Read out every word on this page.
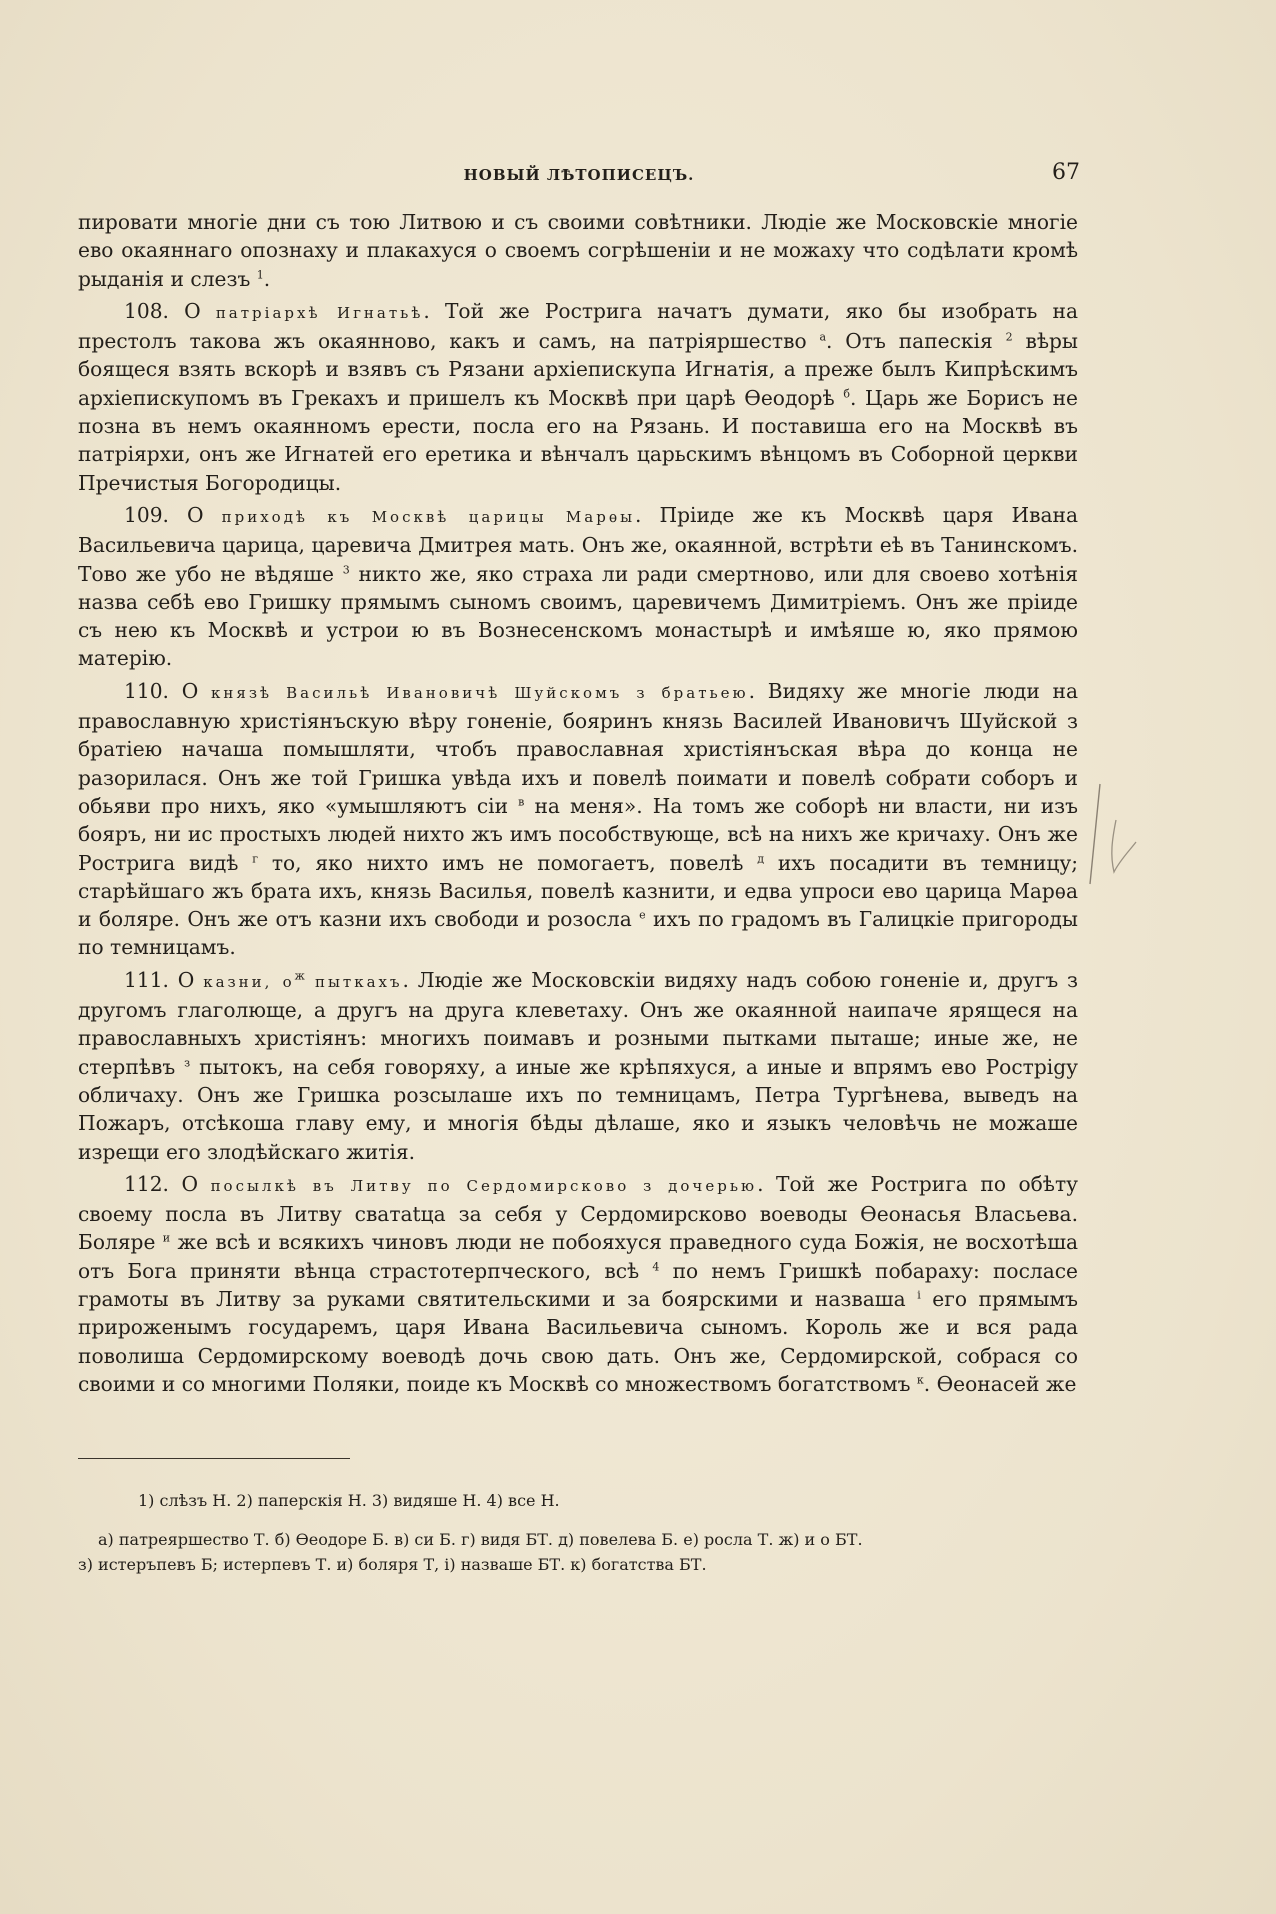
НОВЫЙ ЛѢТОПИСЕЦЪ.	67

пировати многіе дни съ тою Литвою и съ своими совѣтники. Людіе же Московскіе многіе ево окаяннаго опознаху и плакахуся о своемъ согрѣшеніи и не можаху что содѣлати кромѣ рыданія и слезъ $^1$.

108. О патріархѣ Игнатьѣ. Той же Рострига начатъ думати, яко бы изобрать на престолъ такова жъ окаянново, какъ и самъ, на патріяршество $^а$. Отъ папескія $^2$ вѣры боящеся взять вскорѣ и взявъ съ Рязани архіепискупа Игнатія, а преже былъ Кипрѣскимъ архіепискупомъ въ Грекахъ и пришелъ къ Москвѣ при царѣ Ѳеодорѣ $^б$. Царь же Борисъ не позна въ немъ окаянномъ ерести, посла его на Рязань. И поставиша его на Москвѣ въ патріярхи, онъ же Игнатей его еретика и вѣнчалъ царьскимъ вѣнцомъ въ Соборной церкви Пречистыя Богородицы.

109. О приходѣ къ Москвѣ царицы Марѳы. Пріиде же къ Москвѣ царя Ивана Васильевича царица, царевича Дмитрея мать. Онъ же, окаянной, встрѣти еѣ въ Танинскомъ. Тово же убо не вѣдяше $^3$ никто же, яко страха ли ради смертново, или для своево хотѣнія назва себѣ ево Гришку прямымъ сыномъ своимъ, царевичемъ Димитріемъ. Онъ же пріиде съ нею къ Москвѣ и устрои ю въ Вознесенскомъ монастырѣ и имѣяше ю, яко прямою матерію.

110. О князѣ Васильѣ Ивановичѣ Шуйскомъ з братьею. Видяху же многіе люди на православную христіянъскую вѣру гоненіе, бояринъ князь Василей Ивановичъ Шуйской з братіею начаша помышляти, чтобъ православная христіянъская вѣра до конца не разорилася. Онъ же той Гришка увѣда ихъ и повелѣ поимати и повелѣ собрати соборъ и обьяви про нихъ, яко «умышляютъ сіи $^в$ на меня». На томъ же соборѣ ни власти, ни изъ бояръ, ни ис простыхъ людей нихто жъ имъ пособствующе, всѣ на нихъ же кричаху. Онъ же Рострига видѣ $^г$ то, яко нихто имъ не помогаетъ, повелѣ $^д$ ихъ посадити въ темницу; старѣйшаго жъ брата ихъ, князь Василья, повелѣ казнити, и едва упроси ево царица Марѳа и боляре. Онъ же отъ казни ихъ свободи и розосла $^е$ ихъ по градомъ въ Галицкіе пригороды по темницамъ.

111. О казни, $о^ж$ пыткахъ. Людіе же Московскіи видяху надъ собою гоненіе и, другъ з другомъ глаголюще, а другъ на друга клеветаху. Онъ же окаянной наипаче ярящеся на православныхъ христіянъ: многихъ поимавъ и розными пытками пыташе; иные же, не стерпѣвъ $^з$ пытокъ, на себя говоряху, а иные же крѣпяхуся, а иные и впрямъ ево Рострigу обличаху. Онъ же Гришка розсылаше ихъ по темницамъ, Петра Тургѣнева, выведъ на Пожаръ, отсѣкоша главу ему, и многія бѣды дѣлаше, яко и языкъ человѣчь не можаше изрещи его злодѣйскаго житія.

112. О посылкѣ въ Литву по Сердомирсково з дочерью. Той же Рострига по обѣту своему посла въ Литву сватаtца за себя у Сердомирсково воеводы Ѳеонасья Власьева. Боляре $^и$ же всѣ и всякихъ чиновъ люди не побояхуся праведного суда Божія, не восхотѣша отъ Бога приняти вѣнца страстотерпческого, всѣ $^4$ по немъ Гришкѣ побараху: посласе грамоты въ Литву за руками святительскими и за боярскими и назваша $^і$ его прямымъ прироженымъ государемъ, царя Ивана Васильевича сыномъ. Король же и вся рада поволиша Сердомирскому воеводѣ дочь свою дать. Онъ же, Сердомирской, собрася со своими и со многими Поляки, поиде къ Москвѣ со множествомъ богатствомъ $^к$. Ѳеонасей же

1) слѣзъ Н. 2) паперскія Н. 3) видяше Н. 4) все Н.
а) патреяршество Т. б) Ѳеодоре Б. в) си Б. г) видя БТ. д) повелева Б. е) росла Т. ж) и о БТ.
з) истеръпевъ Б; истерпевъ Т. и) боляря Т, і) назваше БТ. к) богатства БТ.
